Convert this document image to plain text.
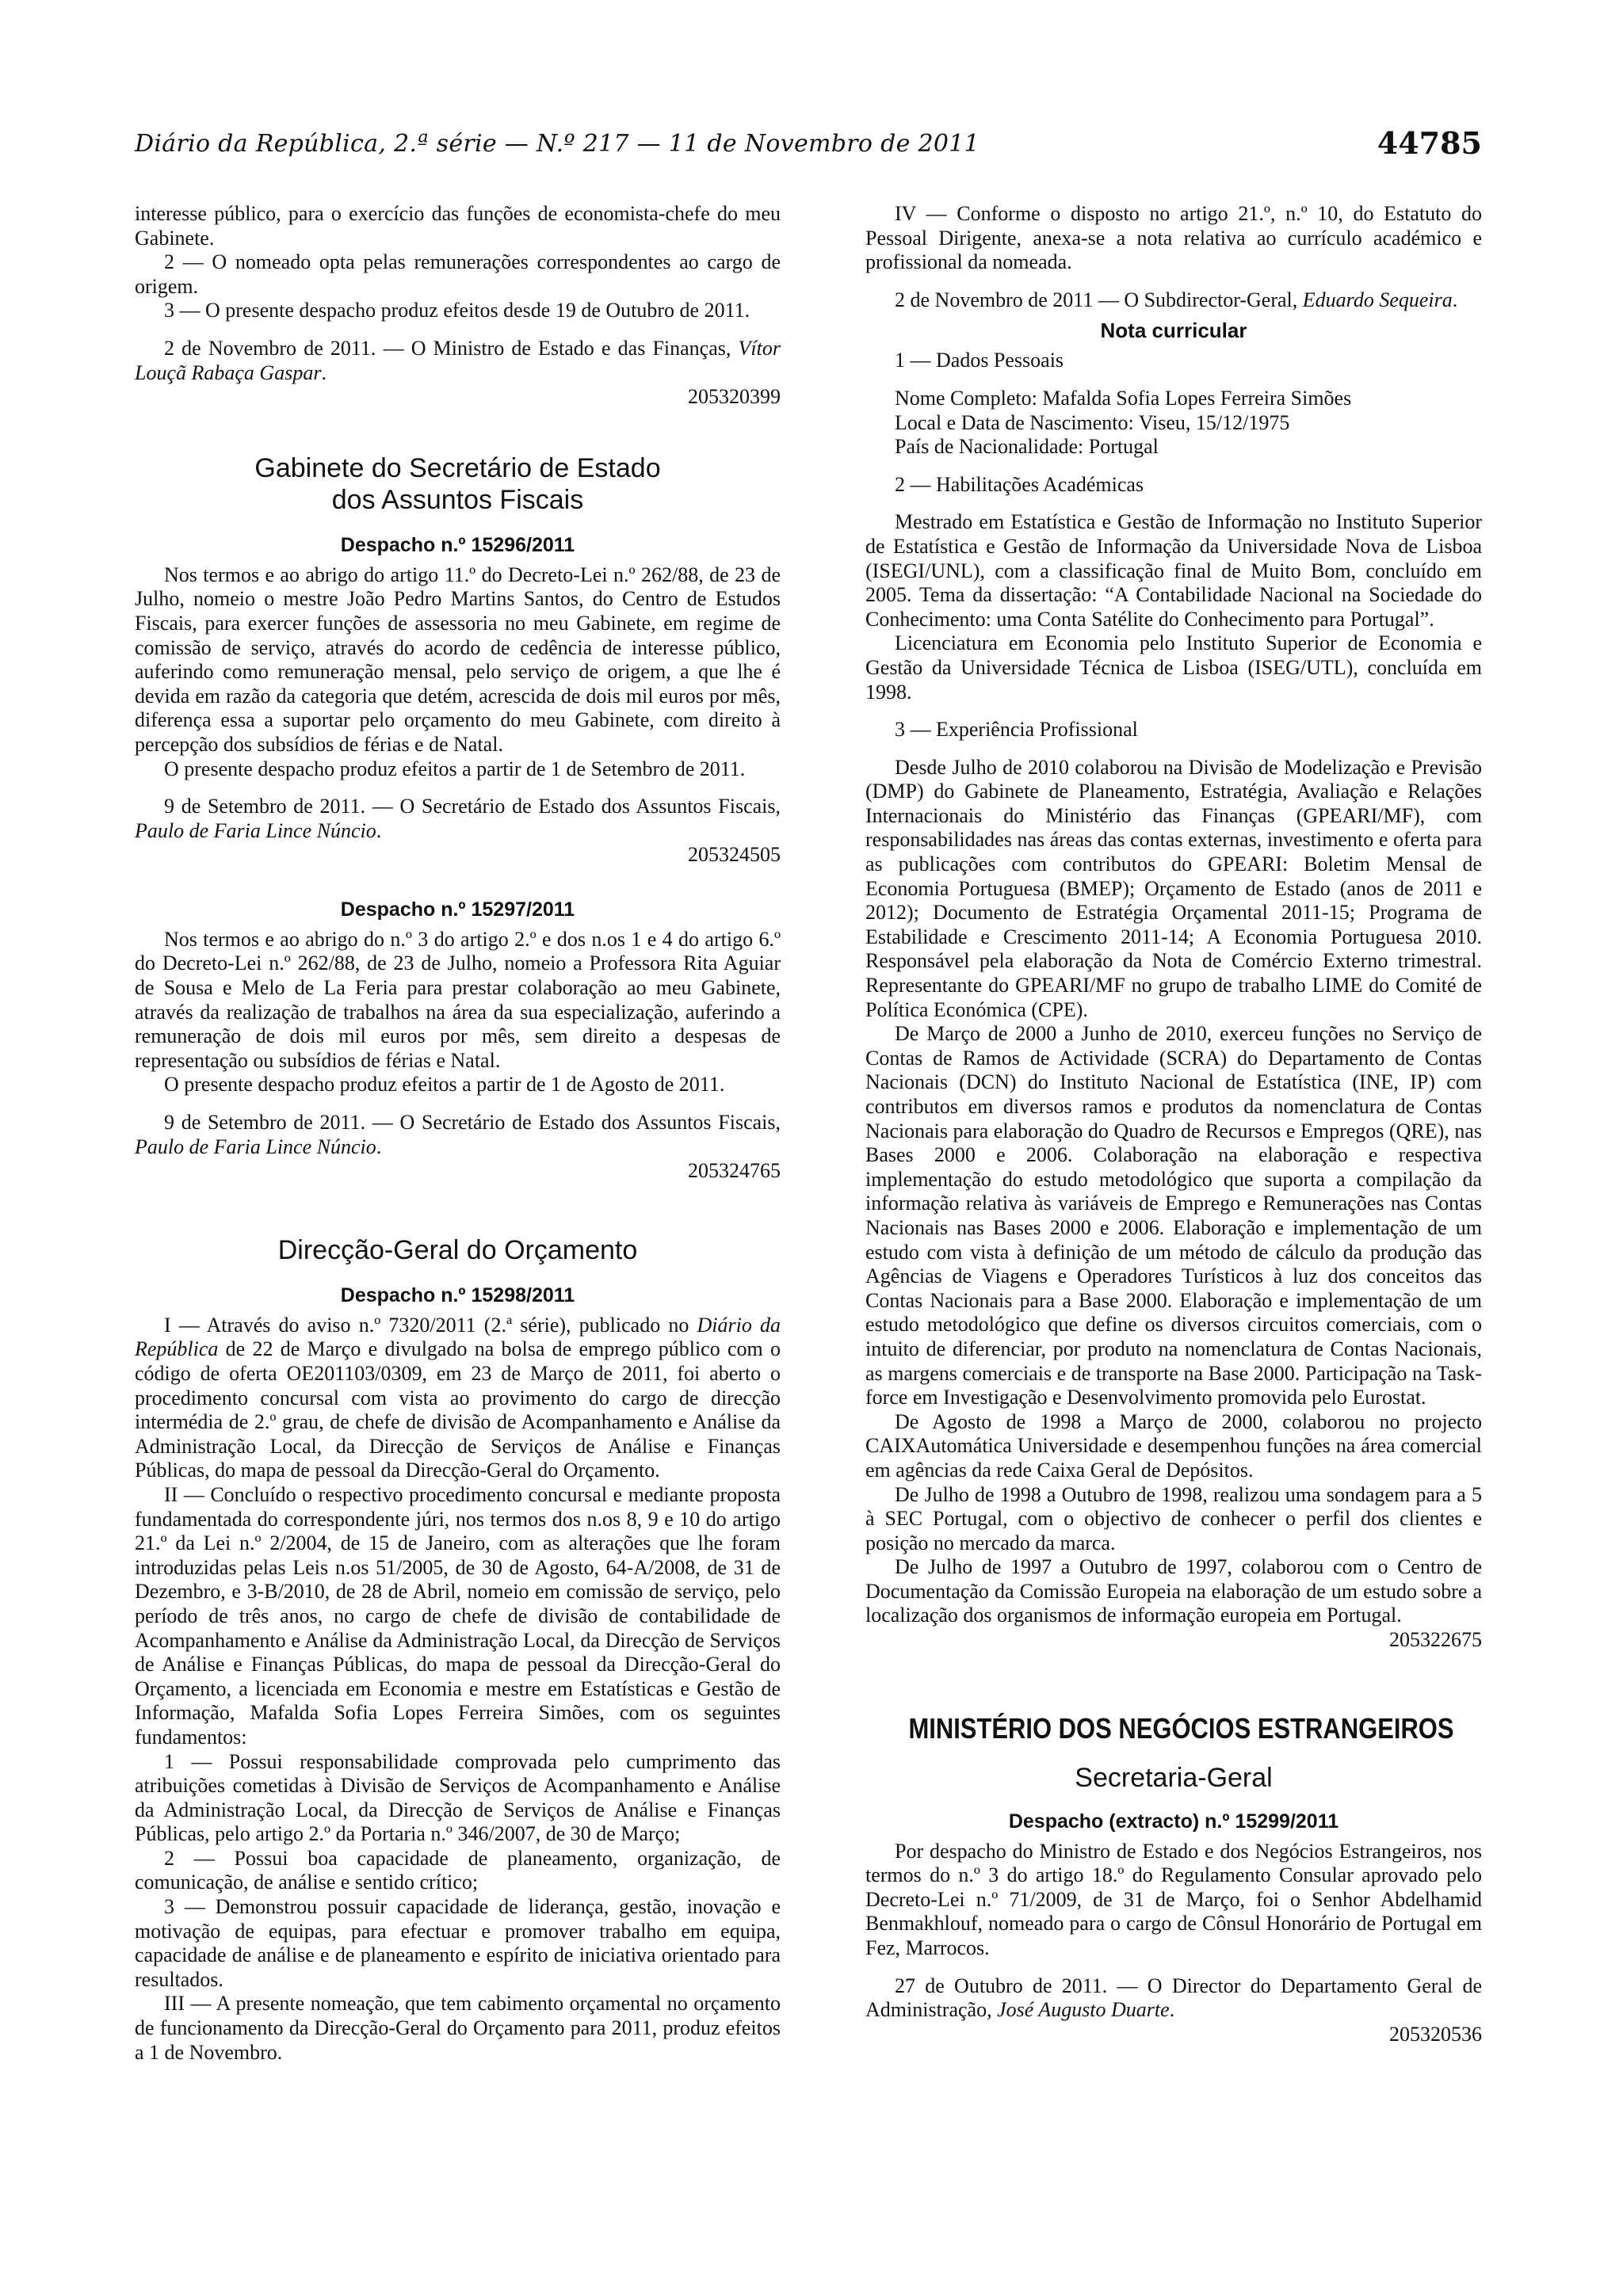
Diário da República, 2.ª série — N.º 217 — 11 de Novembro de 2011	44785

interesse público, para o exercício das funções de economista-chefe do meu Gabinete.

2 — O nomeado opta pelas remunerações correspondentes ao cargo de origem.

3 — O presente despacho produz efeitos desde 19 de Outubro de 2011.

2 de Novembro de 2011. — O Ministro de Estado e das Finanças, Vítor Louçã Rabaça Gaspar.

205320399

Gabinete do Secretário de Estado
dos Assuntos Fiscais
Despacho n.º 15296/2011

Nos termos e ao abrigo do artigo 11.º do Decreto-Lei n.º 262/88, de 23 de Julho, nomeio o mestre João Pedro Martins Santos, do Centro de Estudos Fiscais, para exercer funções de assessoria no meu Gabinete, em regime de comissão de serviço, através do acordo de cedência de interesse público, auferindo como remuneração mensal, pelo serviço de origem, a que lhe é devida em razão da categoria que detém, acrescida de dois mil euros por mês, diferença essa a suportar pelo orçamento do meu Gabinete, com direito à percepção dos subsídios de férias e de Natal.

O presente despacho produz efeitos a partir de 1 de Setembro de 2011.

9 de Setembro de 2011. — O Secretário de Estado dos Assuntos Fiscais, Paulo de Faria Lince Núncio.

205324505

Despacho n.º 15297/2011

Nos termos e ao abrigo do n.º 3 do artigo 2.º e dos n.os 1 e 4 do artigo 6.º do Decreto-Lei n.º 262/88, de 23 de Julho, nomeio a Professora Rita Aguiar de Sousa e Melo de La Feria para prestar colaboração ao meu Gabinete, através da realização de trabalhos na área da sua especialização, auferindo a remuneração de dois mil euros por mês, sem direito a despesas de representação ou subsídios de férias e Natal.

O presente despacho produz efeitos a partir de 1 de Agosto de 2011.

9 de Setembro de 2011. — O Secretário de Estado dos Assuntos Fiscais, Paulo de Faria Lince Núncio.

205324765

Direcção-Geral do Orçamento
Despacho n.º 15298/2011

I — Através do aviso n.º 7320/2011 (2.ª série), publicado no Diário da República de 22 de Março e divulgado na bolsa de emprego público com o código de oferta OE201103/0309, em 23 de Março de 2011, foi aberto o procedimento concursal com vista ao provimento do cargo de direcção intermédia de 2.º grau, de chefe de divisão de Acompanhamento e Análise da Administração Local, da Direcção de Serviços de Análise e Finanças Públicas, do mapa de pessoal da Direcção-Geral do Orçamento.

II — Concluído o respectivo procedimento concursal e mediante proposta fundamentada do correspondente júri, nos termos dos n.os 8, 9 e 10 do artigo 21.º da Lei n.º 2/2004, de 15 de Janeiro, com as alterações que lhe foram introduzidas pelas Leis n.os 51/2005, de 30 de Agosto, 64-A/2008, de 31 de Dezembro, e 3-B/2010, de 28 de Abril, nomeio em comissão de serviço, pelo período de três anos, no cargo de chefe de divisão de contabilidade de Acompanhamento e Análise da Administração Local, da Direcção de Serviços de Análise e Finanças Públicas, do mapa de pessoal da Direcção-Geral do Orçamento, a licenciada em Economia e mestre em Estatísticas e Gestão de Informação, Mafalda Sofia Lopes Ferreira Simões, com os seguintes fundamentos:

1 — Possui responsabilidade comprovada pelo cumprimento das atribuições cometidas à Divisão de Serviços de Acompanhamento e Análise da Administração Local, da Direcção de Serviços de Análise e Finanças Públicas, pelo artigo 2.º da Portaria n.º 346/2007, de 30 de Março;

2 — Possui boa capacidade de planeamento, organização, de comunicação, de análise e sentido crítico;

3 — Demonstrou possuir capacidade de liderança, gestão, inovação e motivação de equipas, para efectuar e promover trabalho em equipa, capacidade de análise e de planeamento e espírito de iniciativa orientado para resultados.

III — A presente nomeação, que tem cabimento orçamental no orçamento de funcionamento da Direcção-Geral do Orçamento para 2011, produz efeitos a 1 de Novembro.

IV — Conforme o disposto no artigo 21.º, n.º 10, do Estatuto do Pessoal Dirigente, anexa-se a nota relativa ao currículo académico e profissional da nomeada.

2 de Novembro de 2011 — O Subdirector-Geral, Eduardo Sequeira.

Nota curricular

1 — Dados Pessoais

Nome Completo: Mafalda Sofia Lopes Ferreira Simões

Local e Data de Nascimento: Viseu, 15/12/1975

País de Nacionalidade: Portugal

2 — Habilitações Académicas

Mestrado em Estatística e Gestão de Informação no Instituto Superior de Estatística e Gestão de Informação da Universidade Nova de Lisboa (ISEGI/UNL), com a classificação final de Muito Bom, concluído em 2005. Tema da dissertação: “A Contabilidade Nacional na Sociedade do Conhecimento: uma Conta Satélite do Conhecimento para Portugal”.

Licenciatura em Economia pelo Instituto Superior de Economia e Gestão da Universidade Técnica de Lisboa (ISEG/UTL), concluída em 1998.

3 — Experiência Profissional

Desde Julho de 2010 colaborou na Divisão de Modelização e Previsão (DMP) do Gabinete de Planeamento, Estratégia, Avaliação e Relações Internacionais do Ministério das Finanças (GPEARI/MF), com responsabilidades nas áreas das contas externas, investimento e oferta para as publicações com contributos do GPEARI: Boletim Mensal de Economia Portuguesa (BMEP); Orçamento de Estado (anos de 2011 e 2012); Documento de Estratégia Orçamental 2011-15; Programa de Estabilidade e Crescimento 2011-14; A Economia Portuguesa 2010. Responsável pela elaboração da Nota de Comércio Externo trimestral. Representante do GPEARI/MF no grupo de trabalho LIME do Comité de Política Económica (CPE).

De Março de 2000 a Junho de 2010, exerceu funções no Serviço de Contas de Ramos de Actividade (SCRA) do Departamento de Contas Nacionais (DCN) do Instituto Nacional de Estatística (INE, IP) com contributos em diversos ramos e produtos da nomenclatura de Contas Nacionais para elaboração do Quadro de Recursos e Empregos (QRE), nas Bases 2000 e 2006. Colaboração na elaboração e respectiva implementação do estudo metodológico que suporta a compilação da informação relativa às variáveis de Emprego e Remunerações nas Contas Nacionais nas Bases 2000 e 2006. Elaboração e implementação de um estudo com vista à definição de um método de cálculo da produção das Agências de Viagens e Operadores Turísticos à luz dos conceitos das Contas Nacionais para a Base 2000. Elaboração e implementação de um estudo metodológico que define os diversos circuitos comerciais, com o intuito de diferenciar, por produto na nomenclatura de Contas Nacionais, as margens comerciais e de transporte na Base 2000. Participação na Task-force em Investigação e Desenvolvimento promovida pelo Eurostat.

De Agosto de 1998 a Março de 2000, colaborou no projecto CAIXAutomática Universidade e desempenhou funções na área comercial em agências da rede Caixa Geral de Depósitos.

De Julho de 1998 a Outubro de 1998, realizou uma sondagem para a 5 à SEC Portugal, com o objectivo de conhecer o perfil dos clientes e posição no mercado da marca.

De Julho de 1997 a Outubro de 1997, colaborou com o Centro de Documentação da Comissão Europeia na elaboração de um estudo sobre a localização dos organismos de informação europeia em Portugal.

205322675

MINISTÉRIO DOS NEGÓCIOS ESTRANGEIROS
Secretaria-Geral
Despacho (extracto) n.º 15299/2011

Por despacho do Ministro de Estado e dos Negócios Estrangeiros, nos termos do n.º 3 do artigo 18.º do Regulamento Consular aprovado pelo Decreto-Lei n.º 71/2009, de 31 de Março, foi o Senhor Abdelhamid Benmakhlouf, nomeado para o cargo de Cônsul Honorário de Portugal em Fez, Marrocos.

27 de Outubro de 2011. — O Director do Departamento Geral de Administração, José Augusto Duarte.

205320536
